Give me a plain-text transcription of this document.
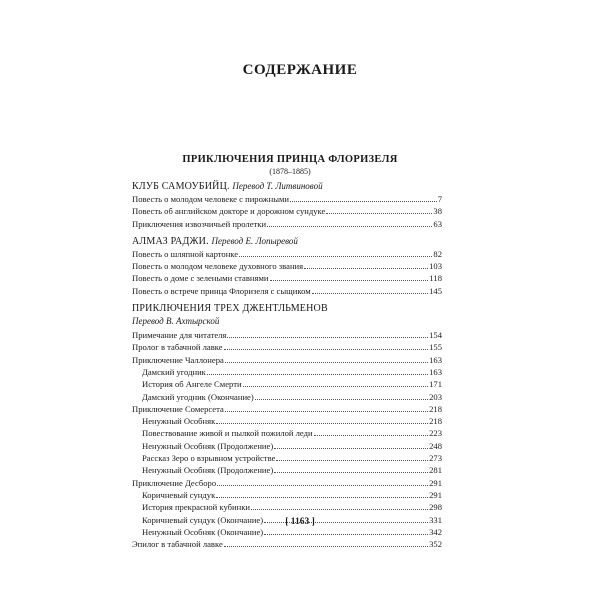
СОДЕРЖАНИЕ
ПРИКЛЮЧЕНИЯ ПРИНЦА ФЛОРИЗЕЛЯ
(1878–1885)
КЛУБ САМОУБИЙЦ. Перевод Т. Литвиновой
Повесть о молодом человеке с пирожными	7
Повесть об английском докторе и дорожном сундуке	38
Приключения извозчичьей пролетки	63
АЛМАЗ РАДЖИ. Перевод Е. Лопыревой
Повесть о шляпной картонке	82
Повесть о молодом человеке духовного звания	103
Повесть о доме с зелеными ставнями	118
Повесть о встрече принца Флоризеля с сыщиком	145
ПРИКЛЮЧЕНИЯ ТРЕХ ДЖЕНТЛЬМЕНОВ
Перевод В. Ахтырской
Примечание для читателя	154
Пролог в табачной лавке	155
Приключение Чаллонера	163
Дамский угодник	163
История об Ангеле Смерти	171
Дамский угодник (Окончание)	203
Приключение Сомерсета	218
Ненужный Особняк	218
Повествование живой и пылкой пожилой леди	223
Ненужный Особняк (Продолжение)	248
Рассказ Зеро о взрывном устройстве	273
Ненужный Особняк (Продолжение)	281
Приключение Десборо	291
Коричневый сундук	291
История прекрасной кубинки	298
Коричневый сундук (Окончание)	331
Ненужный Особняк (Окончание)	342
Эпилог в табачной лавке	352
[ 1163 ]
